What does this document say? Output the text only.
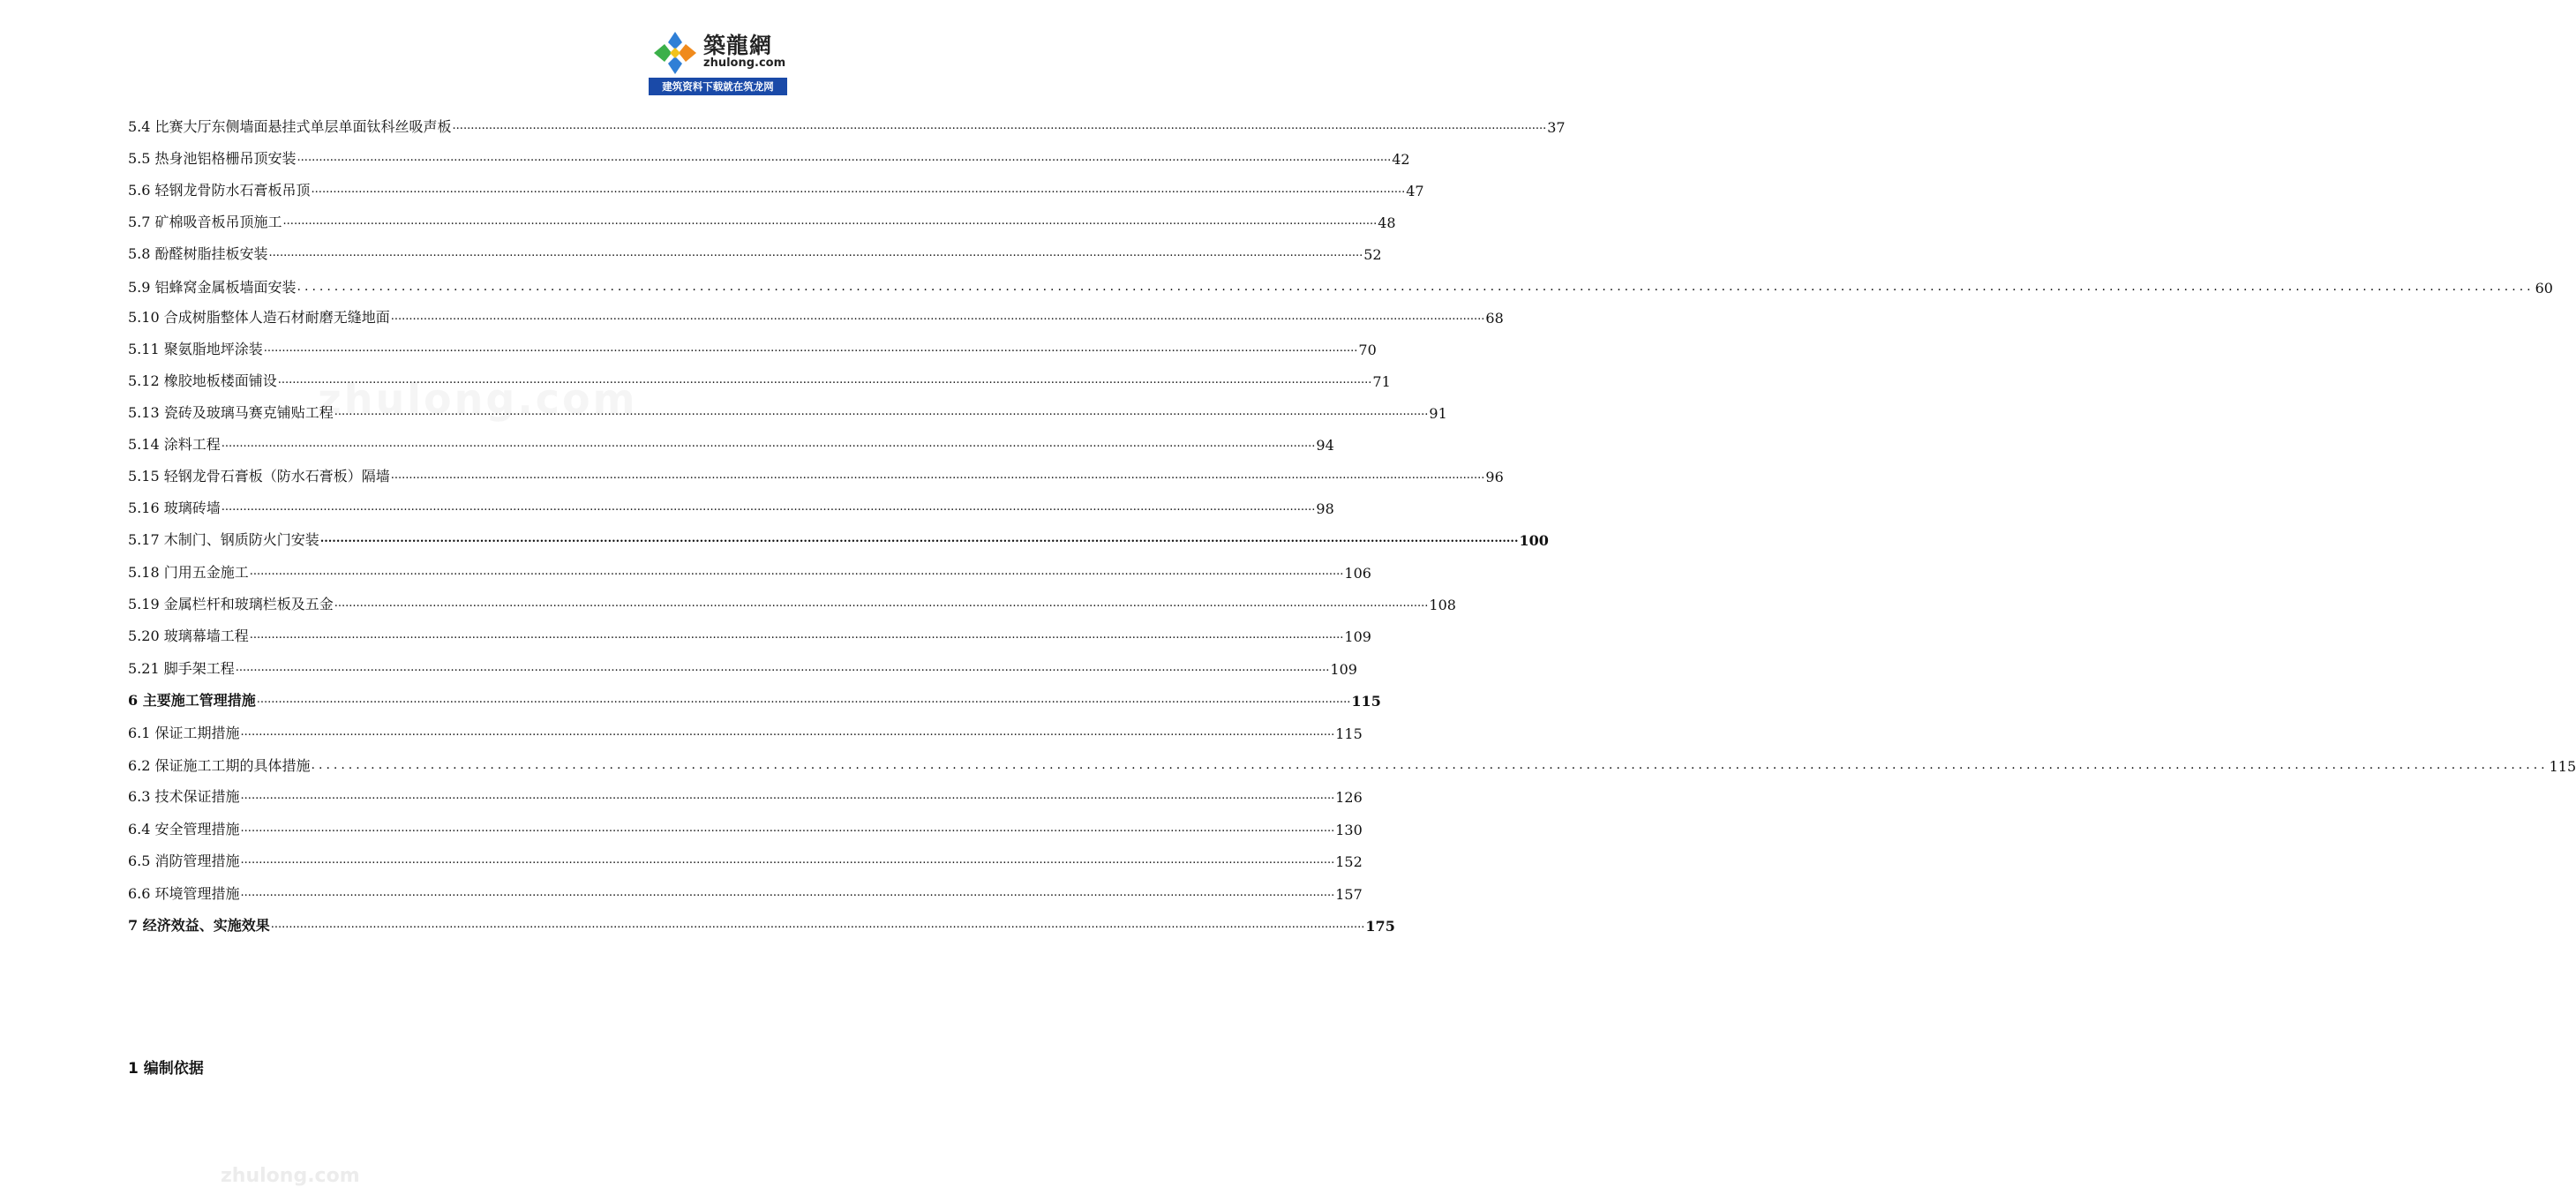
築龍網
zhulong.com
建筑资料下载就在筑龙网
zhulong.com
5.4 比赛大厅东侧墙面悬挂式单层单面钛科丝吸声板 ............................................................................................................................................................................................................................................................................................................ 37
5.5 热身池铝格栅吊顶安装 ............................................................................................................................................................................................................................................................................................................ 42
5.6 轻钢龙骨防水石膏板吊顶 ............................................................................................................................................................................................................................................................................................................ 47
5.7 矿棉吸音板吊顶施工 ............................................................................................................................................................................................................................................................................................................ 48
5.8 酚醛树脂挂板安装 ............................................................................................................................................................................................................................................................................................................ 52
5.9 铝蜂窝金属板墙面安装 ............................................................................................................................................................................................................................................................................................................ 60
5.10 合成树脂整体人造石材耐磨无缝地面 ............................................................................................................................................................................................................................................................................................................ 68
5.11 聚氨脂地坪涂装 ............................................................................................................................................................................................................................................................................................................ 70
5.12 橡胶地板楼面铺设 ............................................................................................................................................................................................................................................................................................................ 71
5.13 瓷砖及玻璃马赛克铺贴工程 ............................................................................................................................................................................................................................................................................................................ 91
5.14 涂料工程 ............................................................................................................................................................................................................................................................................................................ 94
5.15 轻钢龙骨石膏板（防水石膏板）隔墙 ............................................................................................................................................................................................................................................................................................................ 96
5.16 玻璃砖墙 ............................................................................................................................................................................................................................................................................................................ 98
5.17 木制门、钢质防火门安装 ............................................................................................................................................................................................................................................................................................................ 100
5.18 门用五金施工 ............................................................................................................................................................................................................................................................................................................ 106
5.19 金属栏杆和玻璃栏板及五金 ............................................................................................................................................................................................................................................................................................................ 108
5.20 玻璃幕墙工程 ............................................................................................................................................................................................................................................................................................................ 109
5.21 脚手架工程 ............................................................................................................................................................................................................................................................................................................ 109
6 主要施工管理措施 ............................................................................................................................................................................................................................................................................................................ 115
6.1 保证工期措施 ............................................................................................................................................................................................................................................................................................................ 115
6.2 保证施工工期的具体措施 ............................................................................................................................................................................................................................................................................................................ 115
6.3 技术保证措施 ............................................................................................................................................................................................................................................................................................................ 126
6.4 安全管理措施 ............................................................................................................................................................................................................................................................................................................ 130
6.5 消防管理措施 ............................................................................................................................................................................................................................................................................................................ 152
6.6 环境管理措施 ............................................................................................................................................................................................................................................................................................................ 157
7 经济效益、实施效果 ............................................................................................................................................................................................................................................................................................................ 175
1 编制依据
zhulong.com
